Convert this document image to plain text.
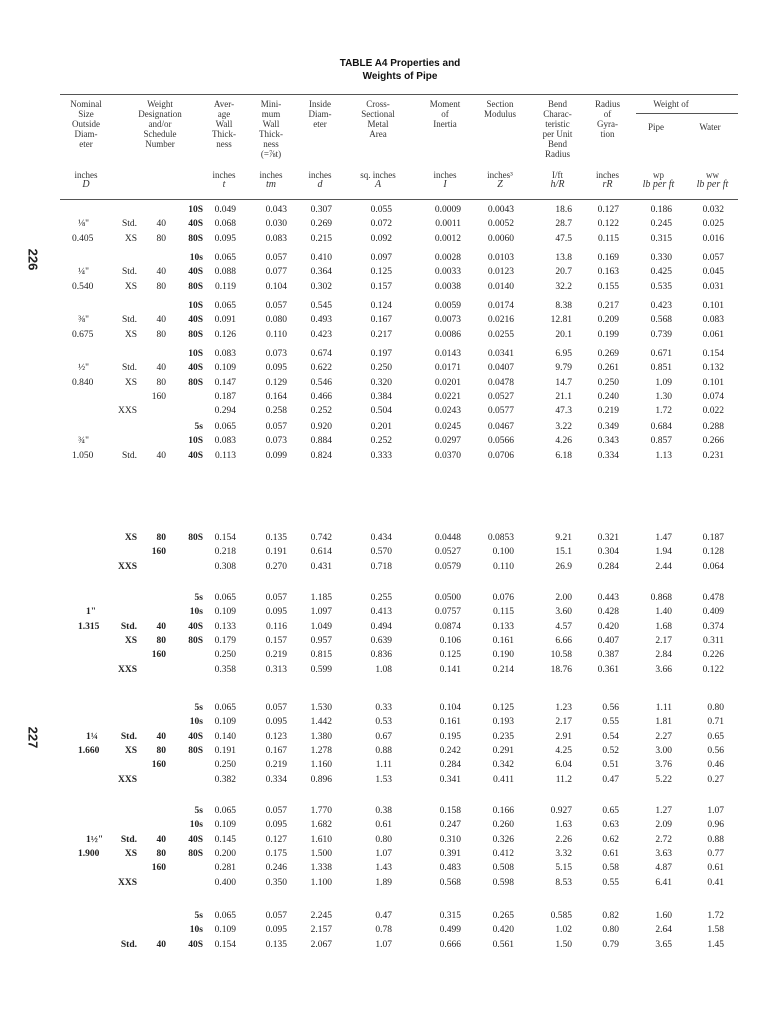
TABLE A4 Properties and
Weights of Pipe
226
227
Nominal
Size
Outside
Diam-
eter
Weight
Designation
and/or
Schedule
Number
Aver-
age
Wall
Thick-
ness
Mini-
mum
Wall
Thick-
ness
(=⅞t)
Inside
Diam-
eter
Cross-
Sectional
Metal
Area
Moment
of
Inertia
Section
Modulus
Bend
Charac-
teristic
per Unit
Bend
Radius
Radius
of
Gyra-
tion
Weight of
Pipe	Water
inches
D
inches
t
inches
tm
inches
d
sq. inches
A
inches
I
inches³
Z
I/ft
h/R
inches
rR
wp
lb per ft
ww
lb per ft
10S	0.049	0.043	0.307	0.055	0.0009	0.0043	18.6	0.127	0.186	0.032
⅛"	Std.	40	40S	0.068	0.030	0.269	0.072	0.0011	0.0052	28.7	0.122	0.245	0.025
0.405	XS	80	80S	0.095	0.083	0.215	0.092	0.0012	0.0060	47.5	0.115	0.315	0.016
10s	0.065	0.057	0.410	0.097	0.0028	0.0103	13.8	0.169	0.330	0.057
¼"	Std.	40	40S	0.088	0.077	0.364	0.125	0.0033	0.0123	20.7	0.163	0.425	0.045
0.540	XS	80	80S	0.119	0.104	0.302	0.157	0.0038	0.0140	32.2	0.155	0.535	0.031
10S	0.065	0.057	0.545	0.124	0.0059	0.0174	8.38	0.217	0.423	0.101
⅜"	Std.	40	40S	0.091	0.080	0.493	0.167	0.0073	0.0216	12.81	0.209	0.568	0.083
0.675	XS	80	80S	0.126	0.110	0.423	0.217	0.0086	0.0255	20.1	0.199	0.739	0.061
10S	0.083	0.073	0.674	0.197	0.0143	0.0341	6.95	0.269	0.671	0.154
½"	Std.	40	40S	0.109	0.095	0.622	0.250	0.0171	0.0407	9.79	0.261	0.851	0.132
0.840	XS	80	80S	0.147	0.129	0.546	0.320	0.0201	0.0478	14.7	0.250	1.09	0.101
160	0.187	0.164	0.466	0.384	0.0221	0.0527	21.1	0.240	1.30	0.074
XXS	0.294	0.258	0.252	0.504	0.0243	0.0577	47.3	0.219	1.72	0.022
5s	0.065	0.057	0.920	0.201	0.0245	0.0467	3.22	0.349	0.684	0.288
¾"	10S	0.083	0.073	0.884	0.252	0.0297	0.0566	4.26	0.343	0.857	0.266
1.050	Std.	40	40S	0.113	0.099	0.824	0.333	0.0370	0.0706	6.18	0.334	1.13	0.231
XS	80	80S	0.154	0.135	0.742	0.434	0.0448	0.0853	9.21	0.321	1.47	0.187
160	0.218	0.191	0.614	0.570	0.0527	0.100	15.1	0.304	1.94	0.128
XXS	0.308	0.270	0.431	0.718	0.0579	0.110	26.9	0.284	2.44	0.064
5s	0.065	0.057	1.185	0.255	0.0500	0.076	2.00	0.443	0.868	0.478
1"	10s	0.109	0.095	1.097	0.413	0.0757	0.115	3.60	0.428	1.40	0.409
1.315	Std.	40	40S	0.133	0.116	1.049	0.494	0.0874	0.133	4.57	0.420	1.68	0.374
XS	80	80S	0.179	0.157	0.957	0.639	0.106	0.161	6.66	0.407	2.17	0.311
160	0.250	0.219	0.815	0.836	0.125	0.190	10.58	0.387	2.84	0.226
XXS	0.358	0.313	0.599	1.08	0.141	0.214	18.76	0.361	3.66	0.122
5s	0.065	0.057	1.530	0.33	0.104	0.125	1.23	0.56	1.11	0.80
10s	0.109	0.095	1.442	0.53	0.161	0.193	2.17	0.55	1.81	0.71
1¼	Std.	40	40S	0.140	0.123	1.380	0.67	0.195	0.235	2.91	0.54	2.27	0.65
1.660	XS	80	80S	0.191	0.167	1.278	0.88	0.242	0.291	4.25	0.52	3.00	0.56
160	0.250	0.219	1.160	1.11	0.284	0.342	6.04	0.51	3.76	0.46
XXS	0.382	0.334	0.896	1.53	0.341	0.411	11.2	0.47	5.22	0.27
5s	0.065	0.057	1.770	0.38	0.158	0.166	0.927	0.65	1.27	1.07
10s	0.109	0.095	1.682	0.61	0.247	0.260	1.63	0.63	2.09	0.96
1½"	Std.	40	40S	0.145	0.127	1.610	0.80	0.310	0.326	2.26	0.62	2.72	0.88
1.900	XS	80	80S	0.200	0.175	1.500	1.07	0.391	0.412	3.32	0.61	3.63	0.77
160	0.281	0.246	1.338	1.43	0.483	0.508	5.15	0.58	4.87	0.61
XXS	0.400	0.350	1.100	1.89	0.568	0.598	8.53	0.55	6.41	0.41
5s	0.065	0.057	2.245	0.47	0.315	0.265	0.585	0.82	1.60	1.72
10s	0.109	0.095	2.157	0.78	0.499	0.420	1.02	0.80	2.64	1.58
Std.	40	40S	0.154	0.135	2.067	1.07	0.666	0.561	1.50	0.79	3.65	1.45
